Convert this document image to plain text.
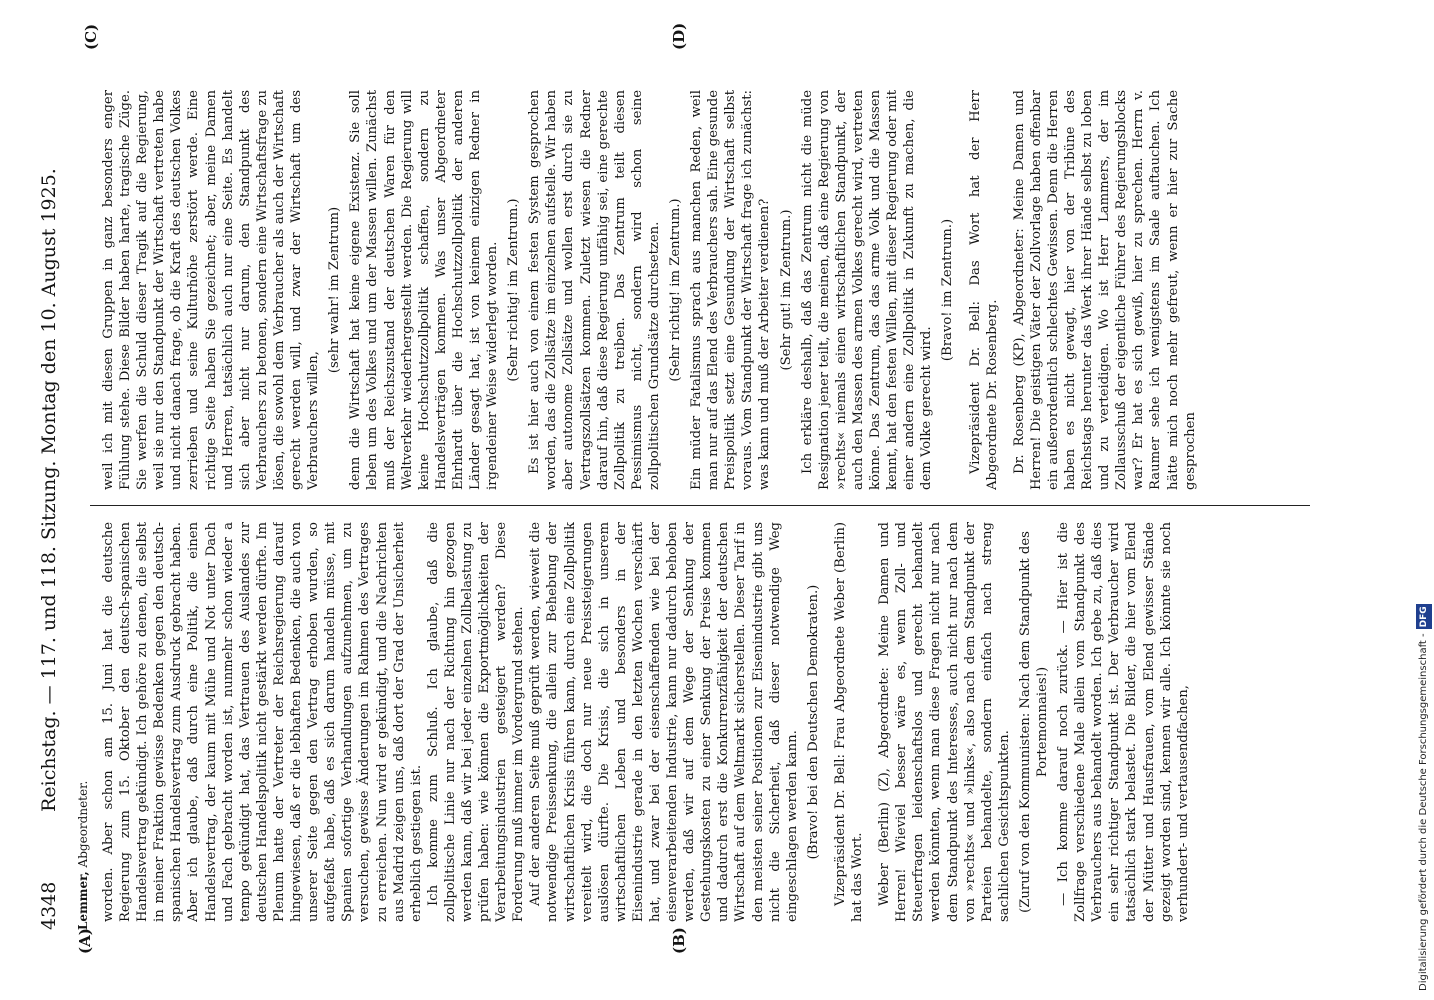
4348
Reichstag. — 117. und 118. Sitzung. Montag den 10. August 1925.
Lemmer, Abgeordneter.
(A)	(B)
(C)	(D)

worden. Aber schon am 15. Juni hat die deutsche Regierung zum 15. Oktober den deutsch-spanischen Handelsvertrag gekündigt. Ich gehöre zu denen, die selbst in meiner Fraktion gewisse Bedenken gegen den deutsch-spanischen Handelsvertrag zum Ausdruck gebracht haben. Aber ich glaube, daß durch eine Politik, die einen Handelsvertrag, der kaum mit Mühe und Not unter Dach und Fach gebracht worden ist, nunmehr schon wieder a tempo gekündigt hat, das Vertrauen des Auslandes zur deutschen Handelspolitik nicht gestärkt werden dürfte. Im Plenum hatte der Vertreter der Reichsregierung darauf hingewiesen, daß er die lebhaften Bedenken, die auch von unserer Seite gegen den Vertrag erhoben wurden, so aufgefaßt habe, daß es sich darum handeln müsse, mit Spanien sofortige Verhandlungen aufzunehmen, um zu versuchen, gewisse Änderungen im Rahmen des Vertrages zu erreichen. Nun wird er gekündigt, und die Nachrichten aus Madrid zeigen uns, daß dort der Grad der Unsicherheit erheblich gestiegen ist. Ich komme zum Schluß. Ich glaube, daß die zollpolitische Linie nur nach der Richtung hin gezogen werden kann, daß wir bei jeder einzelnen Zollbelastung zu prüfen haben: wie können die Exportmöglichkeiten der Verarbeitungsindustrien gesteigert werden? Diese Forderung muß immer im Vordergrund stehen. Auf der anderen Seite muß geprüft werden, wieweit die notwendige Preissenkung, die allein zur Behebung der wirtschaftlichen Krisis führen kann, durch eine Zollpolitik vereitelt wird, die doch nur neue Preissteigerungen auslösen dürfte. Die Krisis, die sich in unserem wirtschaftlichen Leben und besonders in der Eisenindustrie gerade in den letzten Wochen verschärft hat, und zwar bei der eisenschaffenden wie bei der eisenverarbeitenden Industrie, kann nur dadurch behoben werden, daß wir auf dem Wege der Senkung der Gestehungskosten zu einer Senkung der Preise kommen und dadurch erst die Konkurrenzfähigkeit der deutschen Wirtschaft auf dem Weltmarkt sicherstellen. Dieser Tarif in den meisten seiner Positionen zur Eisenindustrie gibt uns nicht die Sicherheit, daß dieser notwendige Weg eingeschlagen werden kann. (Bravo! bei den Deutschen Demokraten.) Vizepräsident Dr. Bell: Frau Abgeordnete Weber (Berlin) hat das Wort. Weber (Berlin) (Z), Abgeordnete: Meine Damen und Herren! Wieviel besser wäre es, wenn Zoll- und Steuerfragen leidenschaftslos und gerecht behandelt werden könnten, wenn man diese Fragen nicht nur nach dem Standpunkt des Interesses, auch nicht nur nach dem von »rechts« und »links«, also nach dem Standpunkt der Parteien behandelte, sondern einfach nach streng sachlichen Gesichtspunkten. (Zuruf von den Kommunisten: Nach dem Standpunkt des Portemonnaies!) — Ich komme darauf noch zurück. — Hier ist die Zollfrage verschiedene Male allein vom Standpunkt des Verbrauchers aus behandelt worden. Ich gebe zu, daß dies ein sehr richtiger Standpunkt ist. Der Verbraucher wird tatsächlich stark belastet. Die Bilder, die hier vom Elend der Mütter und Hausfrauen, vom Elend gewisser Stände gezeigt worden sind, kennen wir alle. Ich könnte sie noch verhundert- und vertausendfachen,

weil ich mit diesen Gruppen in ganz besonders enger Fühlung stehe. Diese Bilder haben harte, tragische Züge. Sie werfen die Schuld dieser Tragik auf die Regierung, weil sie nur den Standpunkt der Wirtschaft vertreten habe und nicht danach frage, ob die Kraft des deutschen Volkes zerrieben und seine Kulturhöhe zerstört werde. Eine richtige Seite haben Sie gezeichnet; aber, meine Damen und Herren, tatsächlich auch nur eine Seite. Es handelt sich aber nicht nur darum, den Standpunkt des Verbrauchers zu betonen, sondern eine Wirtschaftsfrage zu lösen, die sowohl dem Verbraucher als auch der Wirtschaft gerecht werden will, und zwar der Wirtschaft um des Verbrauchers willen,

(sehr wahr! im Zentrum) denn die Wirtschaft hat keine eigene Existenz. Sie soll leben um des Volkes und um der Massen willen. Zunächst muß der Reichszustand der deutschen Waren für den Weltverkehr wiederhergestellt werden. Die Regierung will keine Hochschutzzollpolitik schaffen, sondern zu Handelsverträgen kommen. Was unser Abgeordneter Ehrhardt über die Hochschutzzollpolitik der anderen Länder gesagt hat, ist von keinem einzigen Redner in irgendeiner Weise widerlegt worden. (Sehr richtig! im Zentrum.) Es ist hier auch von einem festen System gesprochen worden, das die Zollsätze im einzelnen aufstelle. Wir haben aber autonome Zollsätze und wollen erst durch sie zu Vertragszollsätzen kommen. Zuletzt wiesen die Redner darauf hin, daß diese Regierung unfähig sei, eine gerechte Zollpolitik zu treiben. Das Zentrum teilt diesen Pessimismus nicht, sondern wird schon seine zollpolitischen Grundsätze durchsetzen. (Sehr richtig! im Zentrum.) Ein müder Fatalismus sprach aus manchen Reden, weil man nur auf das Elend des Verbrauchers sah. Eine gesunde Preispolitik setzt eine Gesundung der Wirtschaft selbst voraus. Vom Standpunkt der Wirtschaft frage ich zunächst: was kann und muß der Arbeiter verdienen? (Sehr gut! im Zentrum.) Ich erkläre deshalb, daß das Zentrum nicht die müde Resignation jener teilt, die meinen, daß eine Regierung von »rechts« niemals einen wirtschaftlichen Standpunkt, der auch den Massen des armen Volkes gerecht wird, vertreten könne. Das Zentrum, das das arme Volk und die Massen kennt, hat den festen Willen, mit dieser Regierung oder mit einer andern eine Zollpolitik in Zukunft zu machen, die dem Volke gerecht wird.

(Bravo! im Zentrum.) Vizepräsident Dr. Bell: Das Wort hat der Herr Abgeordnete Dr. Rosenberg. Dr. Rosenberg (KP), Abgeordneter: Meine Damen und Herren! Die geistigen Väter der Zollvorlage haben offenbar ein außerordentlich schlechtes Gewissen. Denn die Herren haben es nicht gewagt, hier von der Tribüne des Reichstags herunter das Werk ihrer Hände selbst zu loben und zu verteidigen. Wo ist Herr Lammers, der im Zollausschuß der eigentliche Führer des Regierungsblocks war? Er hat es sich gewiß, hier zu sprechen. Herrn v. Raumer sehe ich wenigstens im Saale auftauchen. Ich hätte mich noch mehr gefreut, wenn er hier zur Sache gesprochen

Digitalisierung gefördert durch die Deutsche Forschungsgemeinschaft -DFG
